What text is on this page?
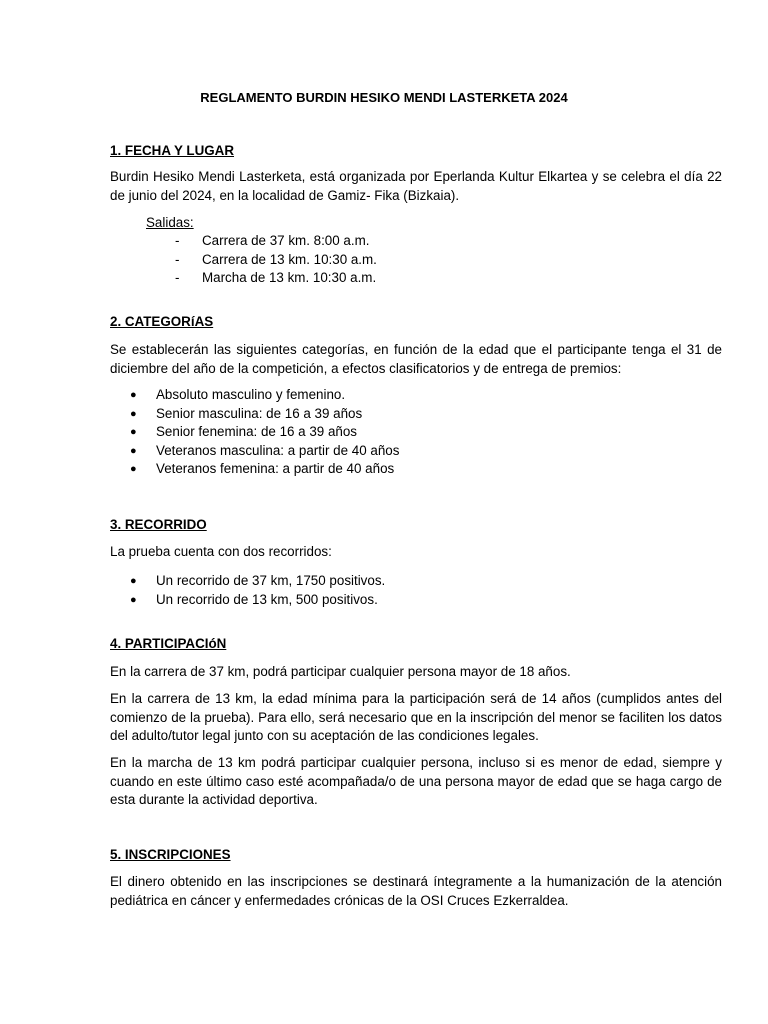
REGLAMENTO BURDIN HESIKO MENDI LASTERKETA 2024

1. FECHA Y LUGAR

Burdin Hesiko Mendi Lasterketa, está organizada por Eperlanda Kultur Elkartea y se celebra el día 22 de junio del 2024, en la localidad de Gamiz- Fika (Bizkaia).

Salidas:

-	Carrera de 37 km. 8:00 a.m.
-	Carrera de 13 km. 10:30 a.m.
-	Marcha de 13 km. 10:30 a.m.

2. CATEGORíAS

Se establecerán las siguientes categorías, en función de la edad que el participante tenga el 31 de diciembre del año de la competición, a efectos clasificatorios y de entrega de premios:

●	Absoluto masculino y femenino.
●	Senior masculina: de 16 a 39 años
●	Senior fenemina: de 16 a 39 años
●	Veteranos masculina: a partir de 40 años
●	Veteranos femenina: a partir de 40 años

3. RECORRIDO

La prueba cuenta con dos recorridos:

●	Un recorrido de 37 km, 1750 positivos.
●	Un recorrido de 13 km, 500 positivos.

4. PARTICIPACIóN

En la carrera de 37 km, podrá participar cualquier persona mayor de 18 años.

En la carrera de 13 km, la edad mínima para la participación será de 14 años (cumplidos antes del comienzo de la prueba). Para ello, será necesario que en la inscripción del menor se faciliten los datos del adulto/tutor legal junto con su aceptación de las condiciones legales.

En la marcha de 13 km podrá participar cualquier persona, incluso si es menor de edad, siempre y cuando en este último caso esté acompañada/o de una persona mayor de edad que se haga cargo de esta durante la actividad deportiva.

5. INSCRIPCIONES

El dinero obtenido en las inscripciones se destinará íntegramente a la humanización de la atención pediátrica en cáncer y enfermedades crónicas de la OSI Cruces Ezkerraldea.
